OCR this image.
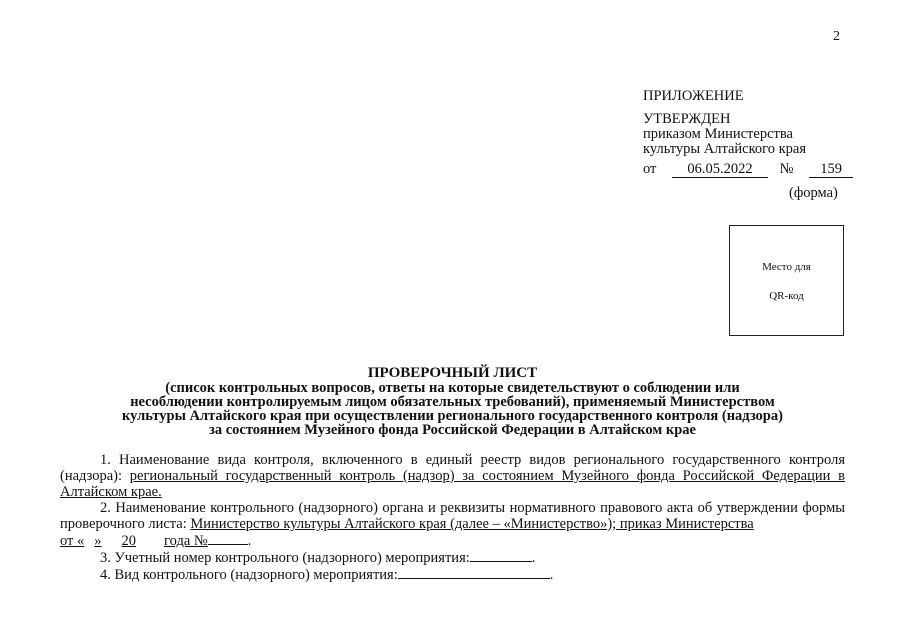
2
ПРИЛОЖЕНИЕ
УТВЕРЖДЕН
приказом Министерства
культуры Алтайского края
от 06.05.2022 № 159
(форма)
Место для
QR-код
ПРОВЕРОЧНЫЙ ЛИСТ
(список контрольных вопросов, ответы на которые свидетельствуют о соблюдении или
несоблюдении контролируемым лицом обязательных требований), применяемый Министерством
культуры Алтайского края при осуществлении регионального государственного контроля (надзора)
за состоянием Музейного фонда Российской Федерации в Алтайском крае

1. Наименование вида контроля, включенного в единый реестр видов регионального государственного контроля (надзора): региональный государственный контроль (надзор) за состоянием Музейного фонда Российской Федерации в Алтайском крае.

2. Наименование контрольного (надзорного) органа и реквизиты нормативного правового акта об утверждении формы проверочного листа: Министерство культуры Алтайского края (далее – «Министерство»); приказ Министерства

от « » 20 года №	.

3. Учетный номер контрольного (надзорного) мероприятия:	.

4. Вид контрольного (надзорного) мероприятия:	.
